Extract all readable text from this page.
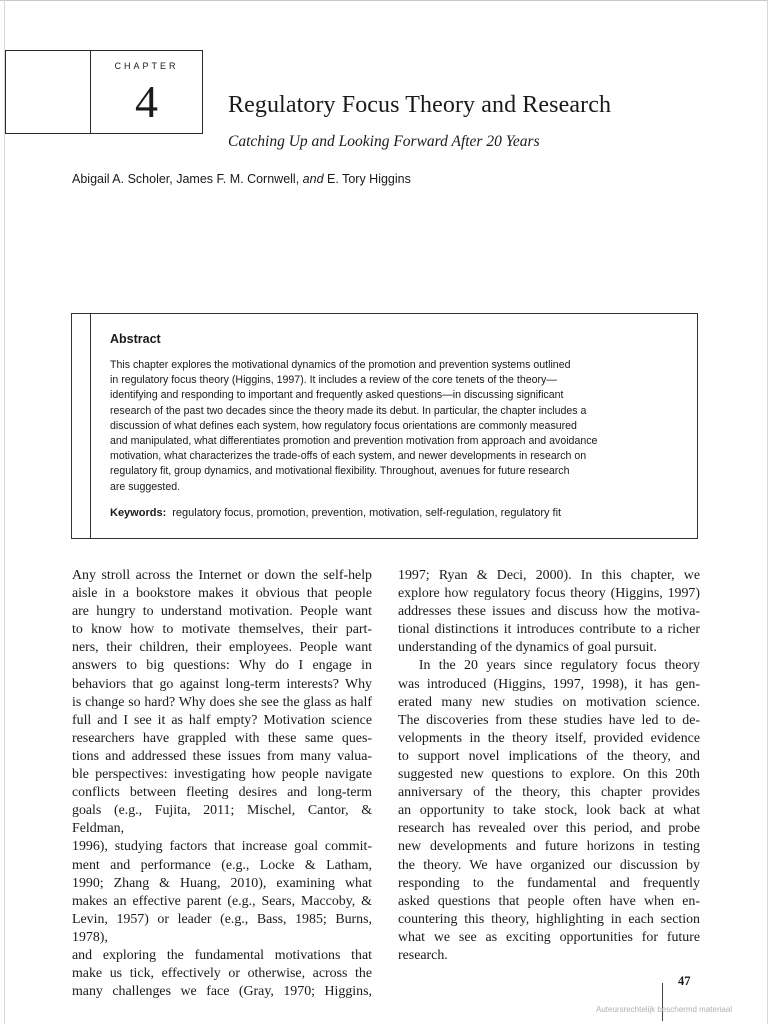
CHAPTER
4	Regulatory Focus Theory and Research
Catching Up and Looking Forward After 20 Years
Abigail A. Scholer, James F. M. Cornwell, and E. Tory Higgins
Abstract
This chapter explores the motivational dynamics of the promotion and prevention systems outlined
in regulatory focus theory (Higgins, 1997). It includes a review of the core tenets of the theory—
identifying and responding to important and frequently asked questions—in discussing significant
research of the past two decades since the theory made its debut. In particular, the chapter includes a
discussion of what defines each system, how regulatory focus orientations are commonly measured
and manipulated, what differentiates promotion and prevention motivation from approach and avoidance
motivation, what characterizes the trade-offs of each system, and newer developments in research on
regulatory fit, group dynamics, and motivational flexibility. Throughout, avenues for future research
are suggested.
Keywords: regulatory focus, promotion, prevention, motivation, self-regulation, regulatory fit
Any stroll across the Internet or down the self-help
aisle in a bookstore makes it obvious that people
are hungry to understand motivation. People want
to know how to motivate themselves, their part-
ners, their children, their employees. People want
answers to big questions: Why do I engage in
behaviors that go against long-term interests? Why
is change so hard? Why does she see the glass as half
full and I see it as half empty? Motivation science
researchers have grappled with these same ques-
tions and addressed these issues from many valua-
ble perspectives: investigating how people navigate
conflicts between fleeting desires and long-term
goals (e.g., Fujita, 2011; Mischel, Cantor, & Feldman,
1996), studying factors that increase goal commit-
ment and performance (e.g., Locke & Latham,
1990; Zhang & Huang, 2010), examining what
makes an effective parent (e.g., Sears, Maccoby, &
Levin, 1957) or leader (e.g., Bass, 1985; Burns, 1978),
and exploring the fundamental motivations that
make us tick, effectively or otherwise, across the
many challenges we face (Gray, 1970; Higgins,
1997; Ryan & Deci, 2000). In this chapter, we
explore how regulatory focus theory (Higgins, 1997)
addresses these issues and discuss how the motiva-
tional distinctions it introduces contribute to a richer
understanding of the dynamics of goal pursuit.
  In the 20 years since regulatory focus theory
was introduced (Higgins, 1997, 1998), it has gen-
erated many new studies on motivation science.
The discoveries from these studies have led to de-
velopments in the theory itself, provided evidence
to support novel implications of the theory, and
suggested new questions to explore. On this 20th
anniversary of the theory, this chapter provides
an opportunity to take stock, look back at what
research has revealed over this period, and probe
new developments and future horizons in testing
the theory. We have organized our discussion by
responding to the fundamental and frequently
asked questions that people often have when en-
countering this theory, highlighting in each section
what we see as exciting opportunities for future
research.
47
Auteursrechtelijk beschermd materiaal
